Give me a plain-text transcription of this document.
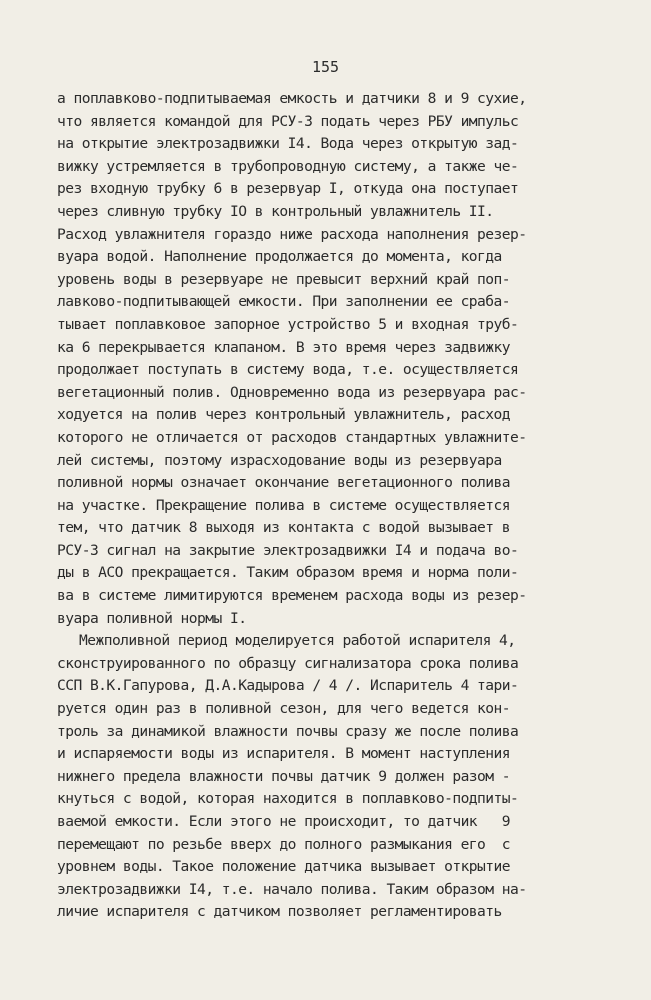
155
а поплавково-подпитываемая емкость и датчики 8 и 9 сухие,
что является командой для РСУ-3 подать через РБУ импульс
на открытие электрозадвижки I4. Вода через открытую зад-
вижку устремляется в трубопроводную систему, а также че-
рез входную трубку 6 в резервуар I, откуда она поступает
через сливную трубку IO в контрольный увлажнитель II.
Расход увлажнителя гораздо ниже расхода наполнения резер-
вуара водой. Наполнение продолжается до момента, когда
уровень воды в резервуаре не превысит верхний край поп-
лавково-подпитывающей емкости. При заполнении ее сраба-
тывает поплавковое запорное устройство 5 и входная труб-
ка 6 перекрывается клапаном. В это время через задвижку
продолжает поступать в систему вода, т.е. осуществляется
вегетационный полив. Одновременно вода из резервуара рас-
ходуется на полив через контрольный увлажнитель, расход
которого не отличается от расходов стандартных увлажните-
лей системы, поэтому израсходование воды из резервуара
поливной нормы означает окончание вегетационного полива
на участке. Прекращение полива в системе осуществляется
тем, что датчик 8 выходя из контакта с водой вызывает в
РСУ-3 сигнал на закрытие электрозадвижки I4 и подача во-
ды в АСО прекращается. Таким образом время и норма поли-
ва в системе лимитируются временем расхода воды из резер-
вуара поливной нормы I.
Межполивной период моделируется работой испарителя 4,
сконструированного по образцу сигнализатора срока полива
ССП В.К.Гапурова, Д.А.Кадырова / 4 /. Испаритель 4 тари-
руется один раз в поливной сезон, для чего ведется кон-
троль за динамикой влажности почвы сразу же после полива
и испаряемости воды из испарителя. В момент наступления
нижнего предела влажности почвы датчик 9 должен разом -
кнуться с водой, которая находится в поплавково-подпиты-
ваемой емкости. Если этого не происходит, то датчик   9
перемещают по резьбе вверх до полного размыкания его  с
уровнем воды. Такое положение датчика вызывает открытие
электрозадвижки I4, т.е. начало полива. Таким образом на-
личие испарителя с датчиком позволяет регламентировать
